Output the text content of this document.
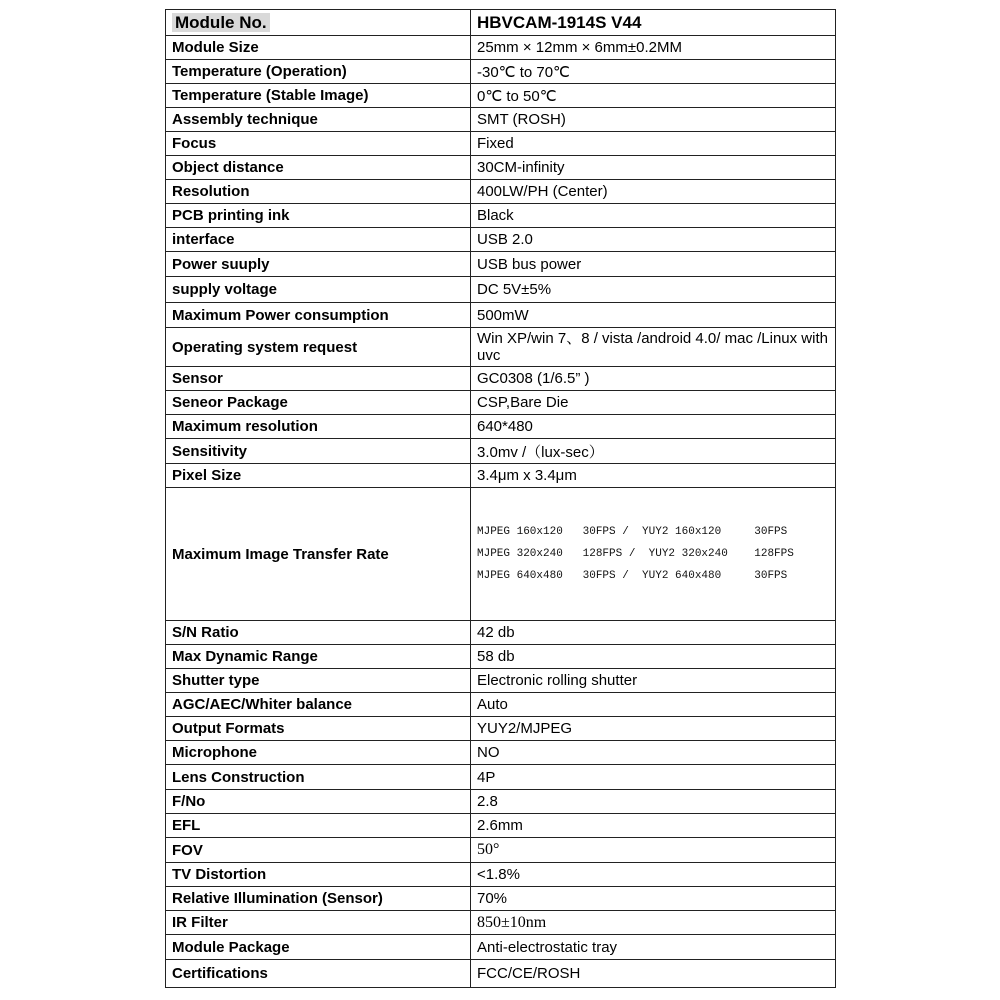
Module No.	HBVCAM-1914S V44
Module Size	25mm × 12mm × 6mm±0.2MM
Temperature (Operation)	-30℃ to 70℃
Temperature (Stable Image)	0℃ to 50℃
Assembly technique	SMT (ROSH)
Focus	Fixed
Object distance	30CM-infinity
Resolution	400LW/PH (Center)
PCB printing ink	Black
interface	USB 2.0
Power suuply	USB bus power
supply voltage	DC 5V±5%
Maximum Power consumption	500mW
Operating system request	Win XP/win 7、8 / vista /android 4.0/ mac /Linux with uvc
Sensor	GC0308 (1/6.5” )
Seneor Package	CSP,Bare Die
Maximum resolution	640*480
Sensitivity	3.0mv /（lux-sec）
Pixel Size	3.4μm x 3.4μm
Maximum Image Transfer Rate	MJPEG 160x120   30FPS /  YUY2 160x120     30FPS
MJPEG 320x240   128FPS /  YUY2 320x240    128FPS
MJPEG 640x480   30FPS /  YUY2 640x480     30FPS

S/N Ratio	42 db
Max Dynamic Range	58 db
Shutter type	Electronic rolling shutter
AGC/AEC/Whiter balance	Auto
Output Formats	YUY2/MJPEG
Microphone	NO
Lens Construction	4P
F/No	2.8
EFL	2.6mm
FOV	50°
TV Distortion	<1.8%
Relative Illumination (Sensor)	70%
IR Filter	850±10nm
Module Package	Anti-electrostatic tray
Certifications	FCC/CE/ROSH
